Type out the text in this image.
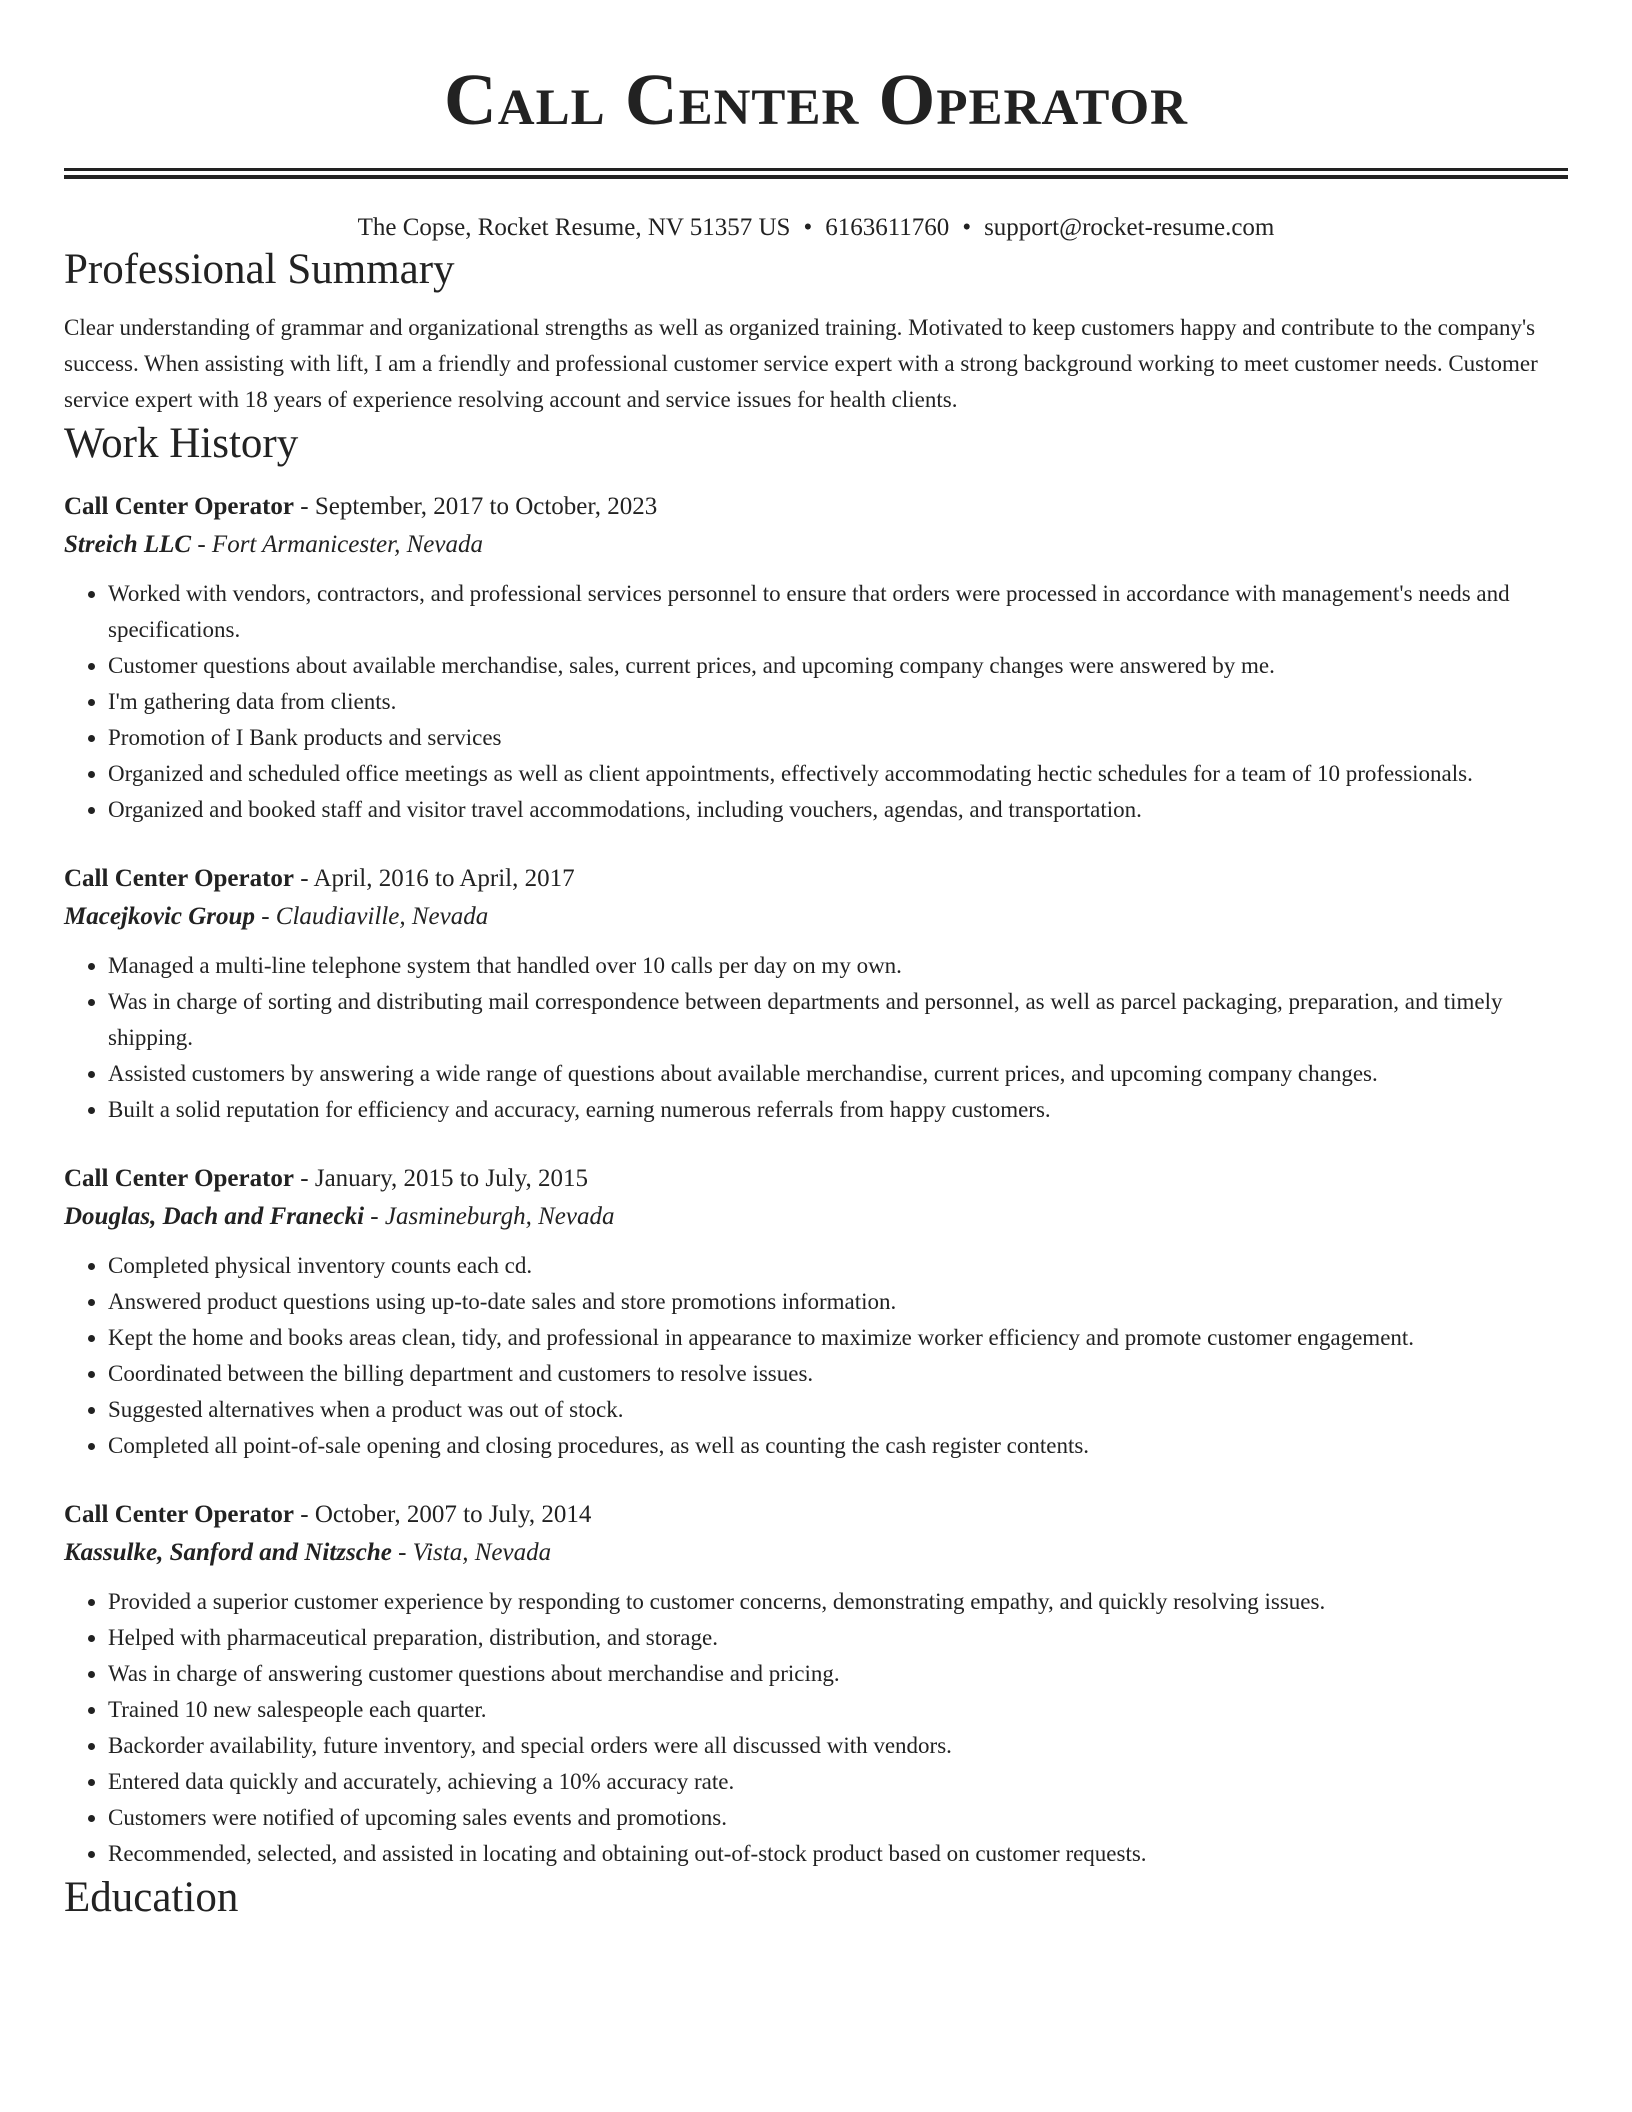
Call Center Operator
The Copse, Rocket Resume, NV 51357 US • 6163611760 • support@rocket-resume.com
Professional Summary

Clear understanding of grammar and organizational strengths as well as organized training. Motivated to keep customers happy and contribute to the company's success. When assisting with lift, I am a friendly and professional customer service expert with a strong background working to meet customer needs. Customer service expert with 18 years of experience resolving account and service issues for health clients.

Work History
Call Center Operator - September, 2017 to October, 2023
Streich LLC - Fort Armanicester, Nevada
• Worked with vendors, contractors, and professional services personnel to ensure that orders were processed in accordance with management's needs and specifications.
• Customer questions about available merchandise, sales, current prices, and upcoming company changes were answered by me.
• I'm gathering data from clients.
• Promotion of I Bank products and services
• Organized and scheduled office meetings as well as client appointments, effectively accommodating hectic schedules for a team of 10 professionals.
• Organized and booked staff and visitor travel accommodations, including vouchers, agendas, and transportation.
Call Center Operator - April, 2016 to April, 2017
Macejkovic Group - Claudiaville, Nevada
• Managed a multi-line telephone system that handled over 10 calls per day on my own.
• Was in charge of sorting and distributing mail correspondence between departments and personnel, as well as parcel packaging, preparation, and timely shipping.
• Assisted customers by answering a wide range of questions about available merchandise, current prices, and upcoming company changes.
• Built a solid reputation for efficiency and accuracy, earning numerous referrals from happy customers.
Call Center Operator - January, 2015 to July, 2015
Douglas, Dach and Franecki - Jasmineburgh, Nevada
• Completed physical inventory counts each cd.
• Answered product questions using up-to-date sales and store promotions information.
• Kept the home and books areas clean, tidy, and professional in appearance to maximize worker efficiency and promote customer engagement.
• Coordinated between the billing department and customers to resolve issues.
• Suggested alternatives when a product was out of stock.
• Completed all point-of-sale opening and closing procedures, as well as counting the cash register contents.
Call Center Operator - October, 2007 to July, 2014
Kassulke, Sanford and Nitzsche - Vista, Nevada
• Provided a superior customer experience by responding to customer concerns, demonstrating empathy, and quickly resolving issues.
• Helped with pharmaceutical preparation, distribution, and storage.
• Was in charge of answering customer questions about merchandise and pricing.
• Trained 10 new salespeople each quarter.
• Backorder availability, future inventory, and special orders were all discussed with vendors.
• Entered data quickly and accurately, achieving a 10% accuracy rate.
• Customers were notified of upcoming sales events and promotions.
• Recommended, selected, and assisted in locating and obtaining out-of-stock product based on customer requests.
Education
